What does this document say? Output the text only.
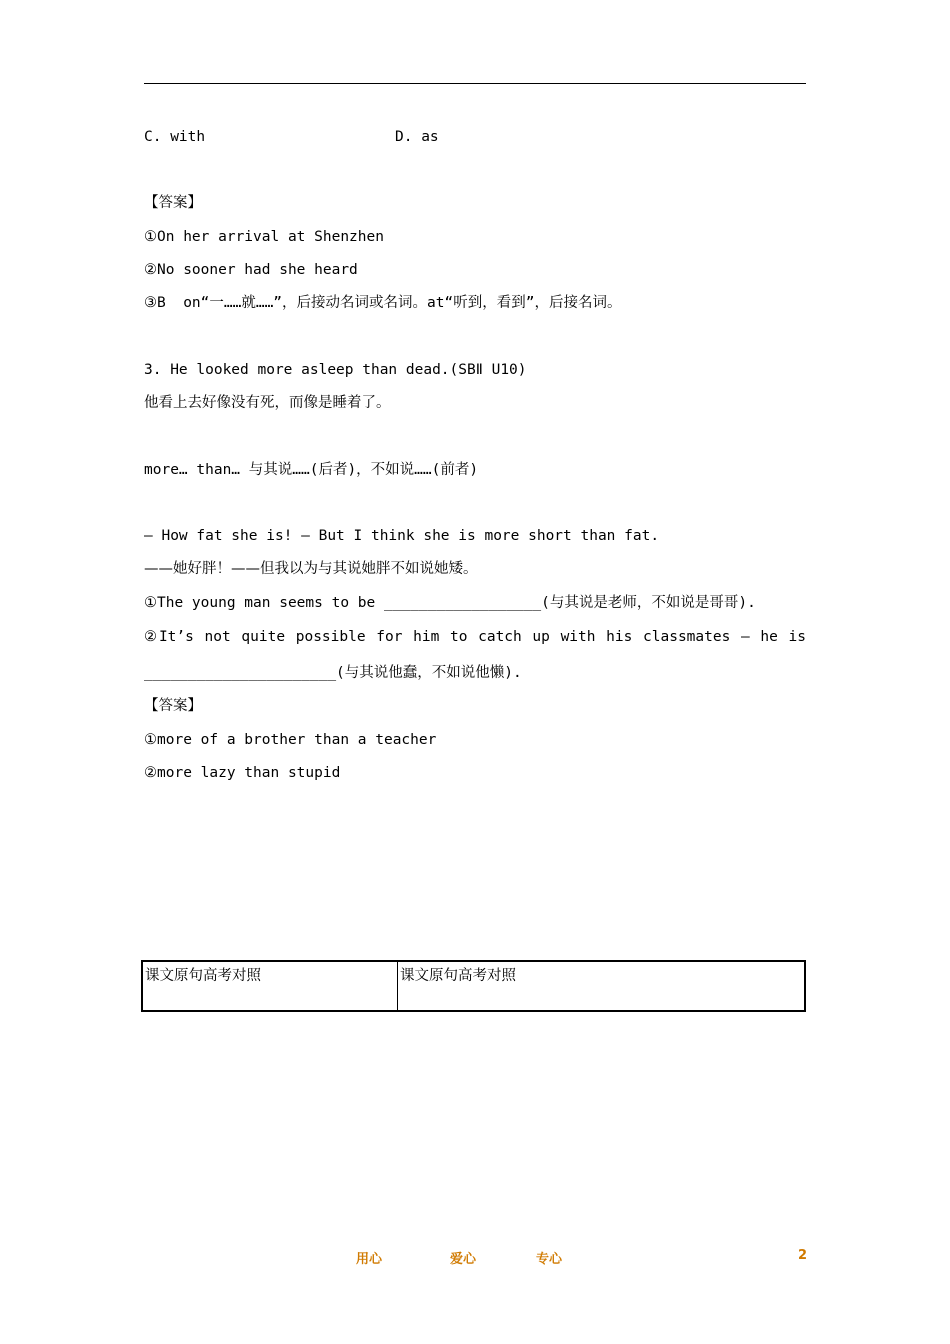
C. with	D. as
【答案】
①On her arrival at Shenzhen
②No sooner had she heard
③B  on“一……就……”，后接动名词或名词。at“听到，看到”，后接名词。
3. He looked more asleep than dead.(SBⅡ U10)
他看上去好像没有死，而像是睡着了。
more… than… 与其说……(后者)，不如说……(前者)
— How fat she is! — But I think she is more short than fat.
——她好胖！——但我以为与其说她胖不如说她矮。
①The young man seems to be __________________(与其说是老师，不如说是哥哥).
②It’s not quite possible for him to catch up with his classmates — he is
______________________(与其说他蠢，不如说他懒).
【答案】
①more of a brother than a teacher
②more lazy than stupid
课文原句高考对照	课文原句高考对照
用心	爱心	专心	2
